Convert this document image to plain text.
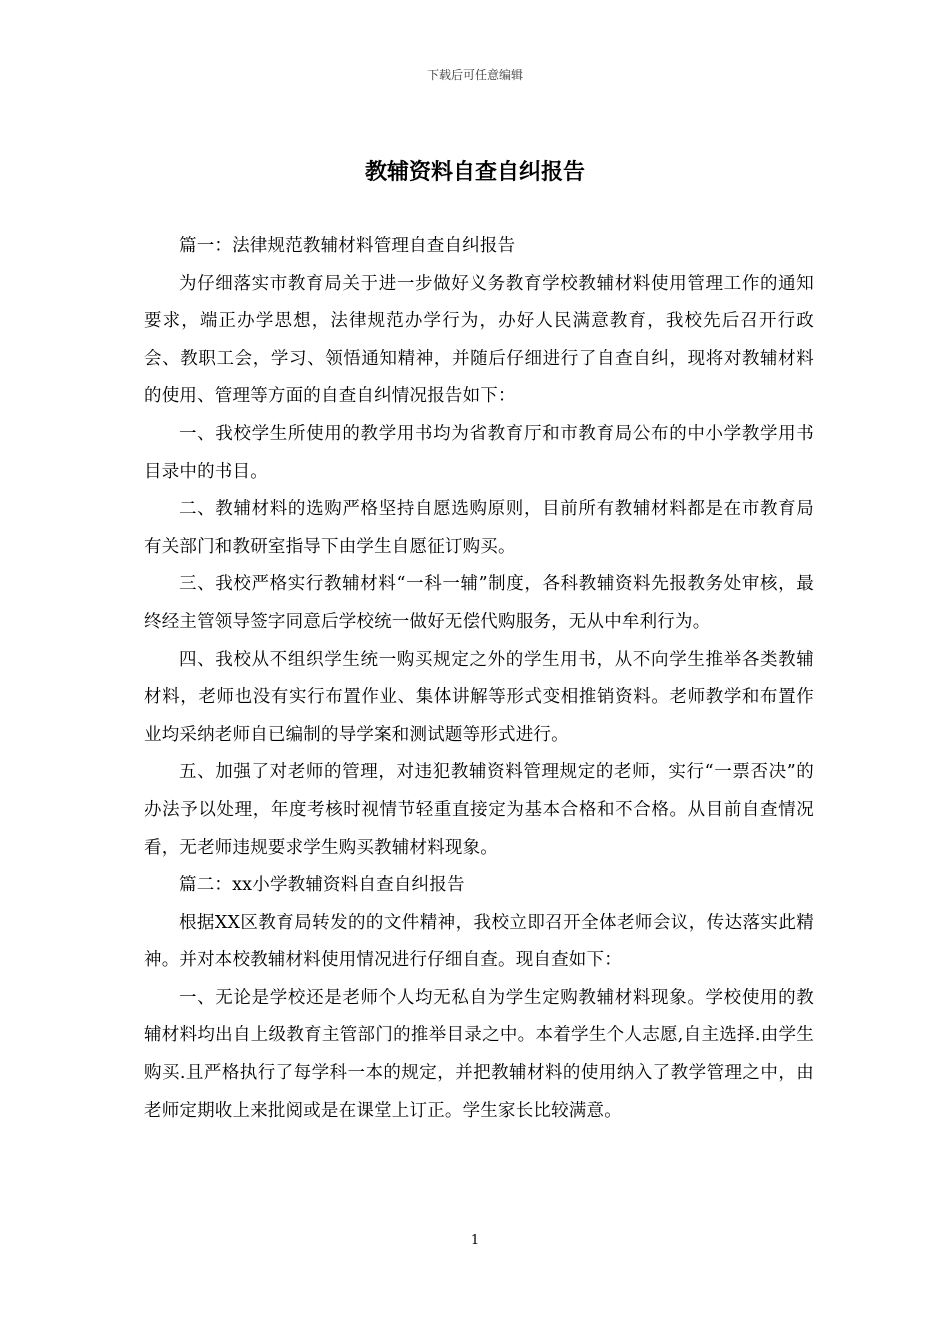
下载后可任意编辑
教辅资料自查自纠报告

篇一：法律规范教辅材料管理自查自纠报告

为仔细落实市教育局关于进一步做好义务教育学校教辅材料使用管理工作的通知要求，端正办学思想，法律规范办学行为，办好人民满意教育，我校先后召开行政会、教职工会，学习、领悟通知精神，并随后仔细进行了自查自纠，现将对教辅材料的使用、管理等方面的自查自纠情况报告如下：

一、我校学生所使用的教学用书均为省教育厅和市教育局公布的中小学教学用书目录中的书目。

二、教辅材料的选购严格坚持自愿选购原则，目前所有教辅材料都是在市教育局有关部门和教研室指导下由学生自愿征订购买。

三、我校严格实行教辅材料“一科一辅”制度，各科教辅资料先报教务处审核，最终经主管领导签字同意后学校统一做好无偿代购服务，无从中牟利行为。

四、我校从不组织学生统一购买规定之外的学生用书，从不向学生推举各类教辅材料，老师也没有实行布置作业、集体讲解等形式变相推销资料。老师教学和布置作业均采纳老师自已编制的导学案和测试题等形式进行。

五、加强了对老师的管理，对违犯教辅资料管理规定的老师，实行“一票否决”的办法予以处理，年度考核时视情节轻重直接定为基本合格和不合格。从目前自查情况看，无老师违规要求学生购买教辅材料现象。

篇二：xx小学教辅资料自查自纠报告

根据XX区教育局转发的的文件精神，我校立即召开全体老师会议，传达落实此精神。并对本校教辅材料使用情况进行仔细自查。现自查如下：

一、无论是学校还是老师个人均无私自为学生定购教辅材料现象。学校使用的教辅材料均出自上级教育主管部门的推举目录之中。本着学生个人志愿,自主选择.由学生购买.且严格执行了每学科一本的规定，并把教辅材料的使用纳入了教学管理之中，由老师定期收上来批阅或是在课堂上订正。学生家长比较满意。

1
